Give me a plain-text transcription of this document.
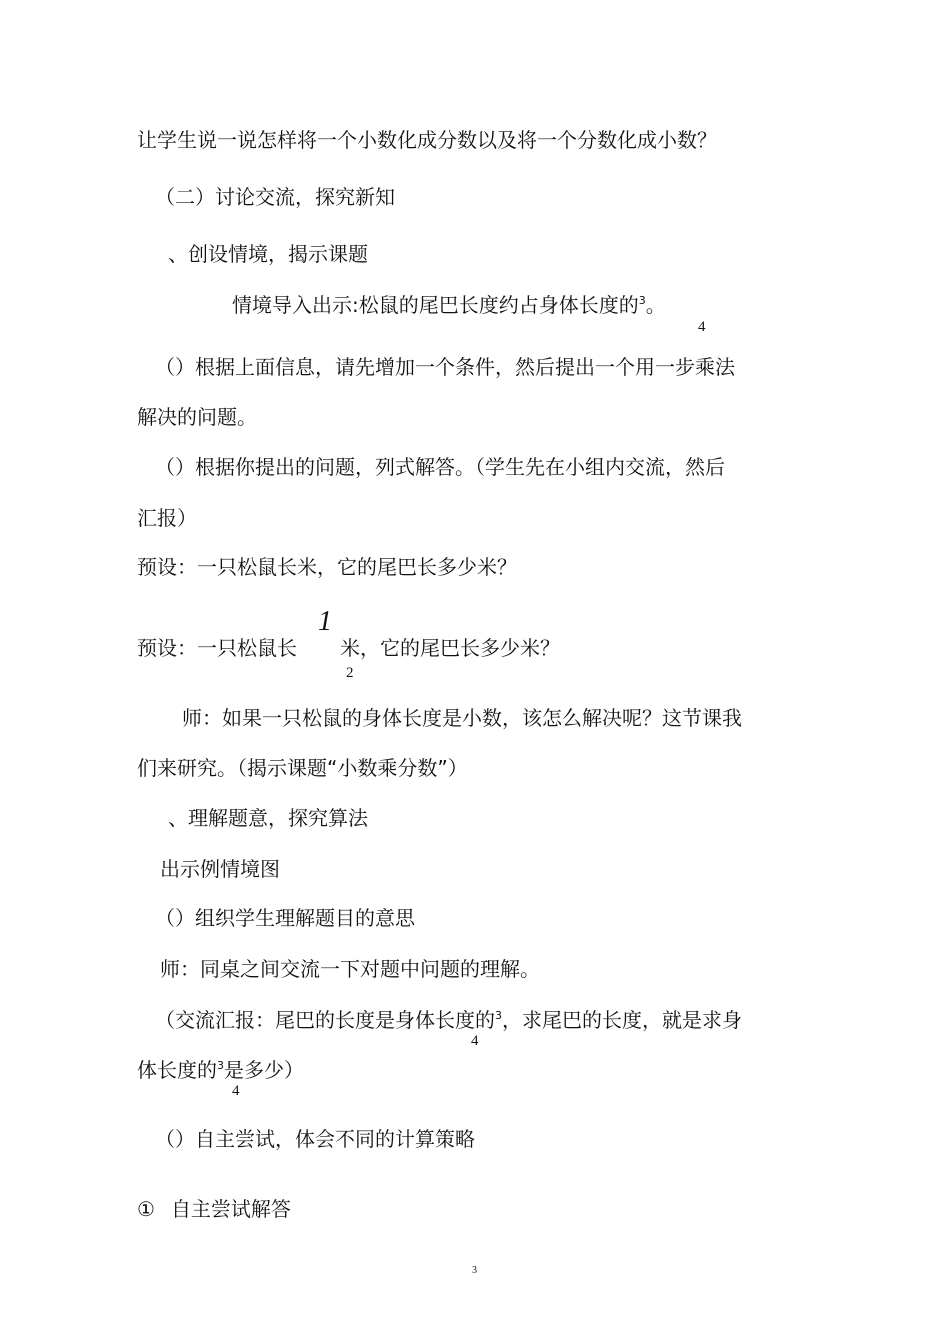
让学生说一说怎样将一个小数化成分数以及将一个分数化成小数？
（二）讨论交流，探究新知
、创设情境，揭示课题
情境导入出示:松鼠的尾巴长度约占身体长度的$^3$。
4
（）根据上面信息，请先增加一个条件，然后提出一个用一步乘法
解决的问题。
（）根据你提出的问题，列式解答。（学生先在小组内交流，然后
汇报）
预设：一只松鼠长米，它的尾巴长多少米？
预设：一只松鼠长
1
2
米，它的尾巴长多少米？
师：如果一只松鼠的身体长度是小数，该怎么解决呢？这节课我
们来研究。（揭示课题“小数乘分数”）
、理解题意，探究算法
出示例情境图
（）组织学生理解题目的意思
师：同桌之间交流一下对题中问题的理解。
（交流汇报：尾巴的长度是身体长度的$^3$，求尾巴的长度，就是求身
4
体长度的$^3$是多少）
4
（）自主尝试，体会不同的计算策略
① 自主尝试解答
3
